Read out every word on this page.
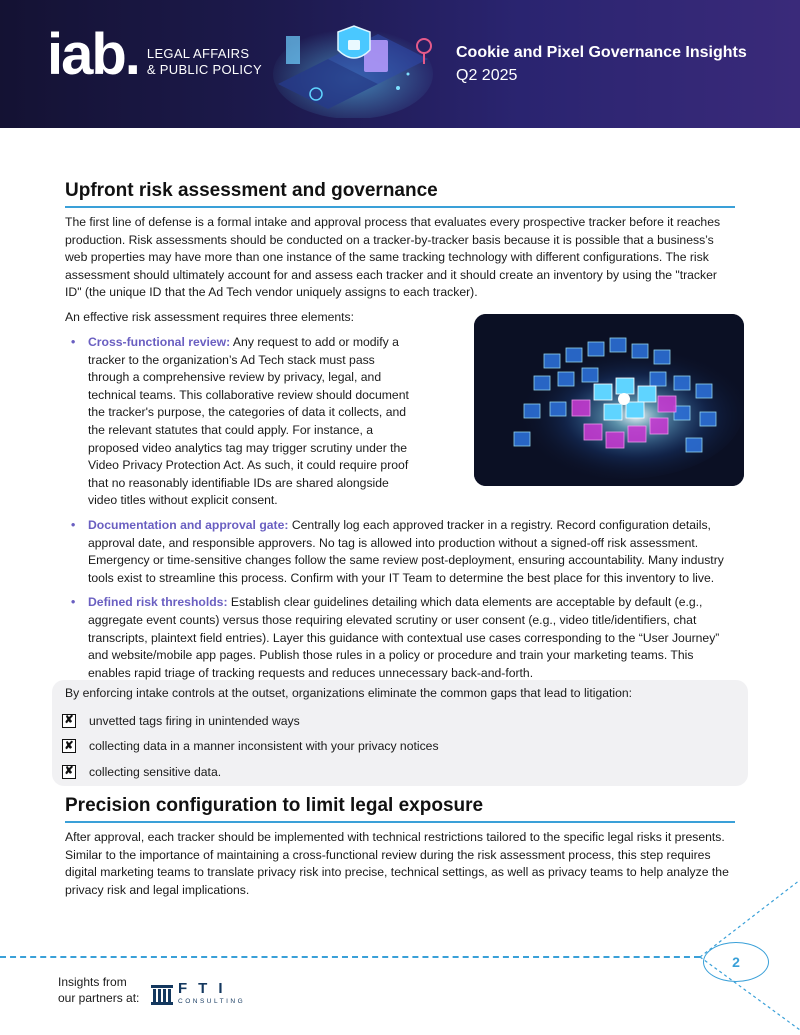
iab. LEGAL AFFAIRS
& PUBLIC POLICY
Cookie and Pixel Governance Insights
Q2 2025
Upfront risk assessment and governance
The first line of defense is a formal intake and approval process that evaluates every prospective tracker before it reaches production. Risk assessments should be conducted on a tracker-by-tracker basis because it is possible that a business’s web properties may have more than one instance of the same tracking technology with different configurations. The risk assessment should ultimately account for and assess each tracker and it should create an inventory by using the "tracker ID" (the unique ID that the Ad Tech vendor uniquely assigns to each tracker).
An effective risk assessment requires three elements:
• Cross-functional review: Any request to add or modify a tracker to the organization’s Ad Tech stack must pass through a comprehensive review by privacy, legal, and technical teams. This collaborative review should document the tracker's purpose, the categories of data it collects, and the relevant statutes that could apply. For instance, a proposed video analytics tag may trigger scrutiny under the Video Privacy Protection Act. As such, it could require proof that no reasonably identifiable IDs are shared alongside video titles without explicit consent.
• Documentation and approval gate: Centrally log each approved tracker in a registry. Record configuration details, approval date, and responsible approvers. No tag is allowed into production without a signed-off risk assessment. Emergency or time-sensitive changes follow the same review post-deployment, ensuring accountability. Many industry tools exist to streamline this process. Confirm with your IT Team to determine the best place for this inventory to live.
• Defined risk thresholds: Establish clear guidelines detailing which data elements are acceptable by default (e.g., aggregate event counts) versus those requiring elevated scrutiny or user consent (e.g., video title/identifiers, chat transcripts, plaintext field entries). Layer this guidance with contextual use cases corresponding to the “User Journey” and website/mobile app pages. Publish those rules in a policy or procedure and train your marketing teams. This enables rapid triage of tracking requests and reduces unnecessary back-and-forth.
By enforcing intake controls at the outset, organizations eliminate the common gaps that lead to litigation:
✘ unvetted tags firing in unintended ways
✘ collecting data in a manner inconsistent with your privacy notices
✘ collecting sensitive data.
Precision configuration to limit legal exposure
After approval, each tracker should be implemented with technical restrictions tailored to the specific legal risks it presents. Similar to the importance of maintaining a cross-functional review during the risk assessment process, this step requires digital marketing teams to translate privacy risk into precise, technical settings, as well as privacy teams to help analyze the privacy risk and legal implications.
2
Insights from
our partners at:
FTI
CONSULTING
